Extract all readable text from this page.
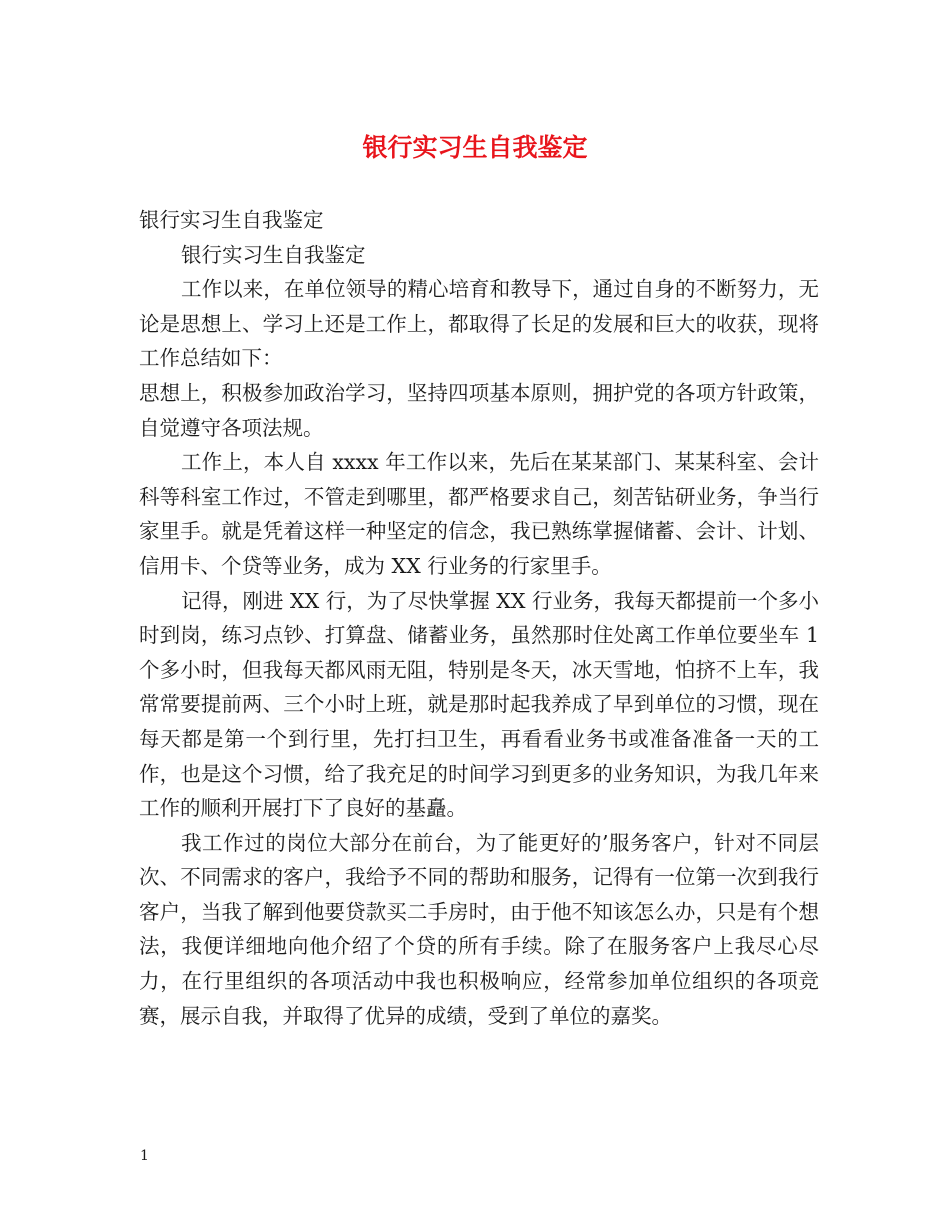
银行实习生自我鉴定

银行实习生自我鉴定

银行实习生自我鉴定

工作以来，在单位领导的精心培育和教导下，通过自身的不断努力，无论是思想上、学习上还是工作上，都取得了长足的发展和巨大的收获，现将工作总结如下：

思想上，积极参加政治学习，坚持四项基本原则，拥护党的各项方针政策，自觉遵守各项法规。

工作上，本人自 xxxx 年工作以来，先后在某某部门、某某科室、会计科等科室工作过，不管走到哪里，都严格要求自己，刻苦钻研业务，争当行家里手。就是凭着这样一种坚定的信念，我已熟练掌握储蓄、会计、计划、信用卡、个贷等业务，成为 XX 行业务的行家里手。

记得，刚进 XX 行，为了尽快掌握 XX 行业务，我每天都提前一个多小时到岗，练习点钞、打算盘、储蓄业务，虽然那时住处离工作单位要坐车 1 个多小时，但我每天都风雨无阻，特别是冬天，冰天雪地，怕挤不上车，我常常要提前两、三个小时上班，就是那时起我养成了早到单位的习惯，现在每天都是第一个到行里，先打扫卫生，再看看业务书或准备准备一天的工作，也是这个习惯，给了我充足的时间学习到更多的业务知识，为我几年来工作的顺利开展打下了良好的基矗。

我工作过的岗位大部分在前台，为了能更好的’服务客户，针对不同层次、不同需求的客户，我给予不同的帮助和服务，记得有一位第一次到我行客户，当我了解到他要贷款买二手房时，由于他不知该怎么办，只是有个想法，我便详细地向他介绍了个贷的所有手续。除了在服务客户上我尽心尽力，在行里组织的各项活动中我也积极响应，经常参加单位组织的各项竞赛，展示自我，并取得了优异的成绩，受到了单位的嘉奖。

1
